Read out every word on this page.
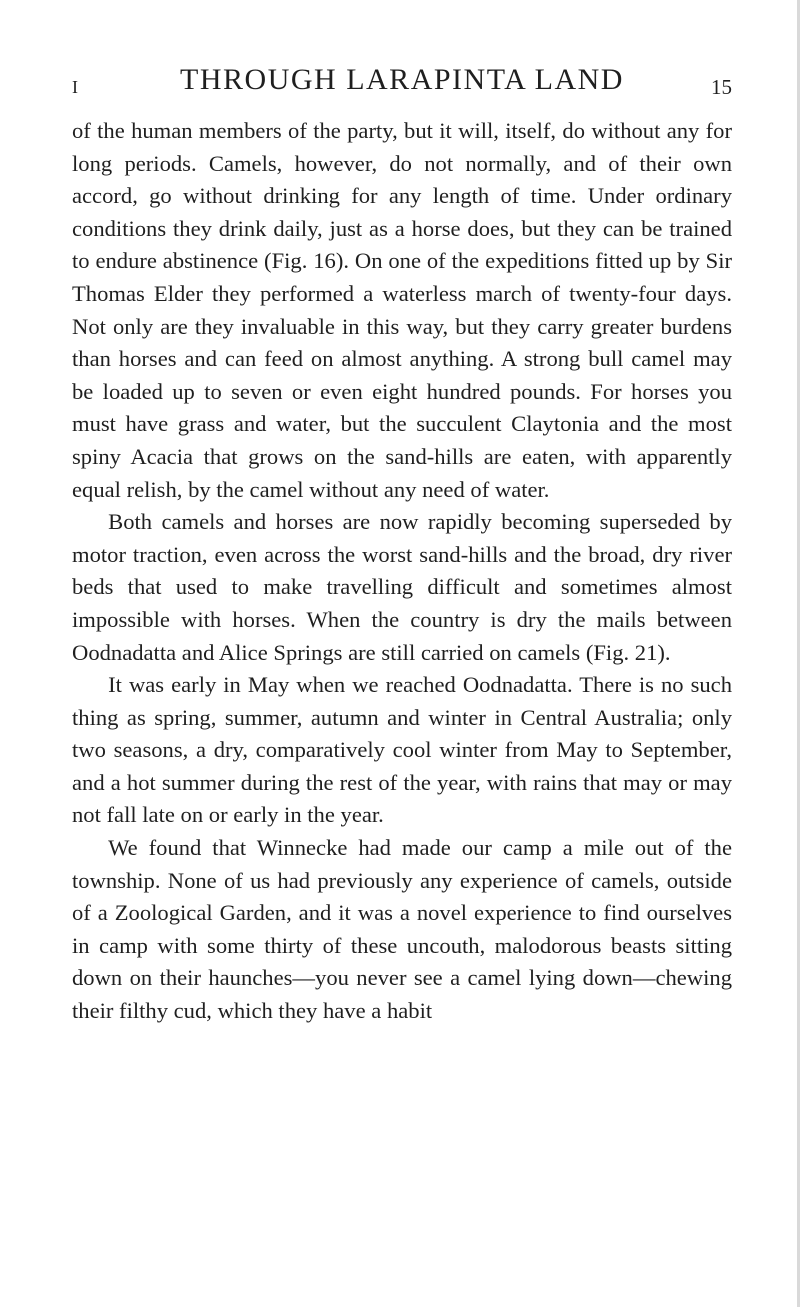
I	THROUGH LARAPINTA LAND	15

of the human members of the party, but it will, itself, do without any for long periods. Camels, however, do not normally, and of their own accord, go without drinking for any length of time. Under ordinary conditions they drink daily, just as a horse does, but they can be trained to endure abstinence (Fig. 16). On one of the expeditions fitted up by Sir Thomas Elder they performed a waterless march of twenty-four days. Not only are they invaluable in this way, but they carry greater burdens than horses and can feed on almost anything. A strong bull camel may be loaded up to seven or even eight hundred pounds. For horses you must have grass and water, but the succulent Claytonia and the most spiny Acacia that grows on the sand-hills are eaten, with apparently equal relish, by the camel without any need of water.

Both camels and horses are now rapidly becoming superseded by motor traction, even across the worst sand-hills and the broad, dry river beds that used to make travelling difficult and sometimes almost impossible with horses. When the country is dry the mails between Oodnadatta and Alice Springs are still carried on camels (Fig. 21).

It was early in May when we reached Oodnadatta. There is no such thing as spring, summer, autumn and winter in Central Australia; only two seasons, a dry, comparatively cool winter from May to September, and a hot summer during the rest of the year, with rains that may or may not fall late on or early in the year.

We found that Winnecke had made our camp a mile out of the township. None of us had previously any experience of camels, outside of a Zoological Garden, and it was a novel experience to find ourselves in camp with some thirty of these uncouth, malodorous beasts sitting down on their haunches—you never see a camel lying down—chewing their filthy cud, which they have a habit
